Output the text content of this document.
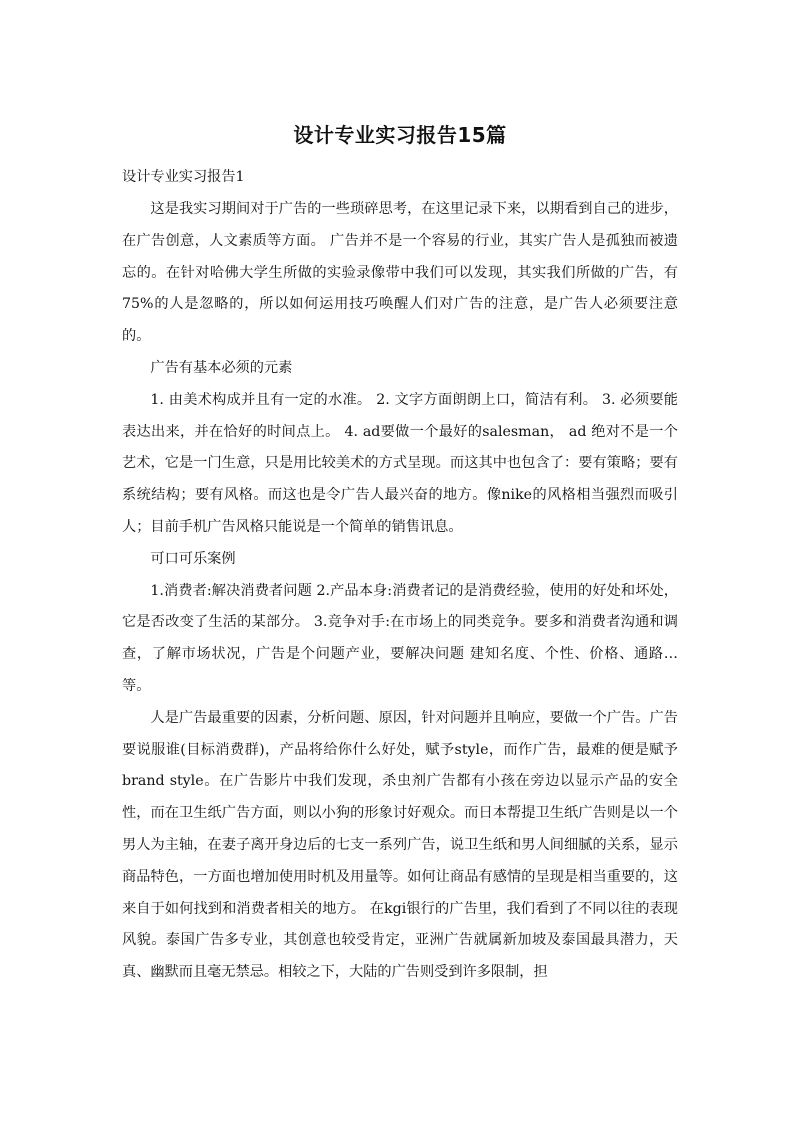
设计专业实习报告15篇
设计专业实习报告1

这是我实习期间对于广告的一些琐碎思考，在这里记录下来，以期看到自己的进步，在广告创意，人文素质等方面。 广告并不是一个容易的行业，其实广告人是孤独而被遗忘的。在针对哈佛大学生所做的实验录像带中我们可以发现，其实我们所做的广告，有75%的人是忽略的，所以如何运用技巧唤醒人们对广告的注意，是广告人必须要注意的。

广告有基本必须的元素

1. 由美术构成并且有一定的水准。 2. 文字方面朗朗上口，简洁有利。 3. 必须要能表达出来，并在恰好的时间点上。 4. ad要做一个最好的salesman， ad 绝对不是一个艺术，它是一门生意，只是用比较美术的方式呈现。而这其中也包含了：要有策略；要有系统结构；要有风格。而这也是令广告人最兴奋的地方。像nike的风格相当强烈而吸引人；目前手机广告风格只能说是一个简单的销售讯息。

可口可乐案例

1.消费者:解决消费者问题 2.产品本身:消费者记的是消费经验，使用的好处和坏处，它是否改变了生活的某部分。 3.竞争对手:在市场上的同类竞争。要多和消费者沟通和调查，了解市场状况，广告是个问题产业，要解决问题 建知名度、个性、价格、通路…等。

人是广告最重要的因素，分析问题、原因，针对问题并且响应，要做一个广告。广告要说服谁(目标消费群)，产品将给你什么好处，赋予style，而作广告，最难的便是赋予brand style。在广告影片中我们发现，杀虫剂广告都有小孩在旁边以显示产品的安全性，而在卫生纸广告方面，则以小狗的形象讨好观众。而日本帮提卫生纸广告则是以一个男人为主轴，在妻子离开身边后的七支一系列广告，说卫生纸和男人间细腻的关系，显示商品特色，一方面也增加使用时机及用量等。如何让商品有感情的呈现是相当重要的，这来自于如何找到和消费者相关的地方。 在kgi银行的广告里，我们看到了不同以往的表现风貌。泰国广告多专业，其创意也较受肯定，亚洲广告就属新加坡及泰国最具潜力，天真、幽默而且毫无禁忌。相较之下，大陆的广告则受到许多限制，担
